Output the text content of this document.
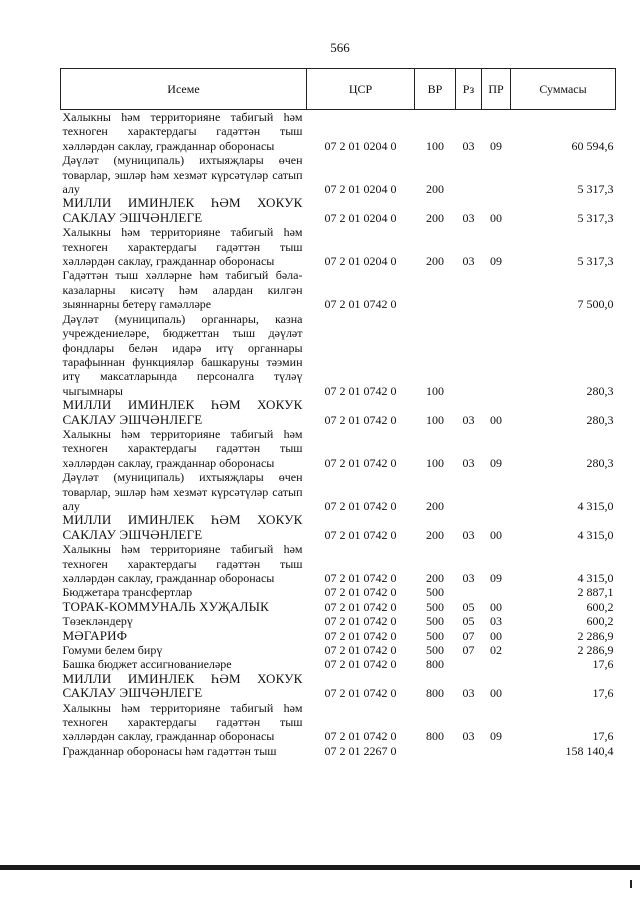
566
Исеме	ЦСР	ВР	Рз	ПР	Суммасы
Халыкны һәм территорияне табигый һәм техноген характердагы гадәттән тыш хәлләрдән саклау, гражданнар оборонасы	07 2 01 0204 0	100	03	09	60 594,6
Дәүләт (муниципаль) ихтыяҗлары өчен товарлар, эшләр һәм хезмәт күрсәтүләр сатып алу	07 2 01 0204 0	200			5 317,3
МИЛЛИ ИМИНЛЕК ҺӘМ ХОКУК САКЛАУ ЭШЧӘНЛЕГЕ	07 2 01 0204 0	200	03	00	5 317,3
Халыкны һәм территорияне табигый һәм техноген характердагы гадәттән тыш хәлләрдән саклау, гражданнар оборонасы	07 2 01 0204 0	200	03	09	5 317,3
Гадәттән тыш хәлләрне һәм табигый бәла-казаларны кисәтү һәм алардан килгән зыяннарны бетерү гамәлләре	07 2 01 0742 0				7 500,0
Дәүләт (муниципаль) органнары, казна учреждениеләре, бюджеттан тыш дәүләт фондлары белән идарә итү органнары тарафыннан функцияләр башкаруны тәэмин итү максатларында персоналга түләү чыгымнары	07 2 01 0742 0	100			280,3
МИЛЛИ ИМИНЛЕК ҺӘМ ХОКУК САКЛАУ ЭШЧӘНЛЕГЕ	07 2 01 0742 0	100	03	00	280,3
Халыкны һәм территорияне табигый һәм техноген характердагы гадәттән тыш хәлләрдән саклау, гражданнар оборонасы	07 2 01 0742 0	100	03	09	280,3
Дәүләт (муниципаль) ихтыяҗлары өчен товарлар, эшләр һәм хезмәт күрсәтүләр сатып алу	07 2 01 0742 0	200			4 315,0
МИЛЛИ ИМИНЛЕК ҺӘМ ХОКУК САКЛАУ ЭШЧӘНЛЕГЕ	07 2 01 0742 0	200	03	00	4 315,0
Халыкны һәм территорияне табигый һәм техноген характердагы гадәттән тыш хәлләрдән саклау, гражданнар оборонасы	07 2 01 0742 0	200	03	09	4 315,0
Бюджетара трансфертлар	07 2 01 0742 0	500			2 887,1
ТОРАК-КОММУНАЛЬ ХУҖАЛЫК	07 2 01 0742 0	500	05	00	600,2
Төзекләндерү	07 2 01 0742 0	500	05	03	600,2
МӘГАРИФ	07 2 01 0742 0	500	07	00	2 286,9
Гомуми белем бирү	07 2 01 0742 0	500	07	02	2 286,9
Башка бюджет ассигнованиеләре	07 2 01 0742 0	800			17,6
МИЛЛИ ИМИНЛЕК ҺӘМ ХОКУК САКЛАУ ЭШЧӘНЛЕГЕ	07 2 01 0742 0	800	03	00	17,6
Халыкны һәм территорияне табигый һәм техноген характердагы гадәттән тыш хәлләрдән саклау, гражданнар оборонасы	07 2 01 0742 0	800	03	09	17,6
Гражданнар оборонасы һәм гадәттән тыш	07 2 01 2267 0				158 140,4
